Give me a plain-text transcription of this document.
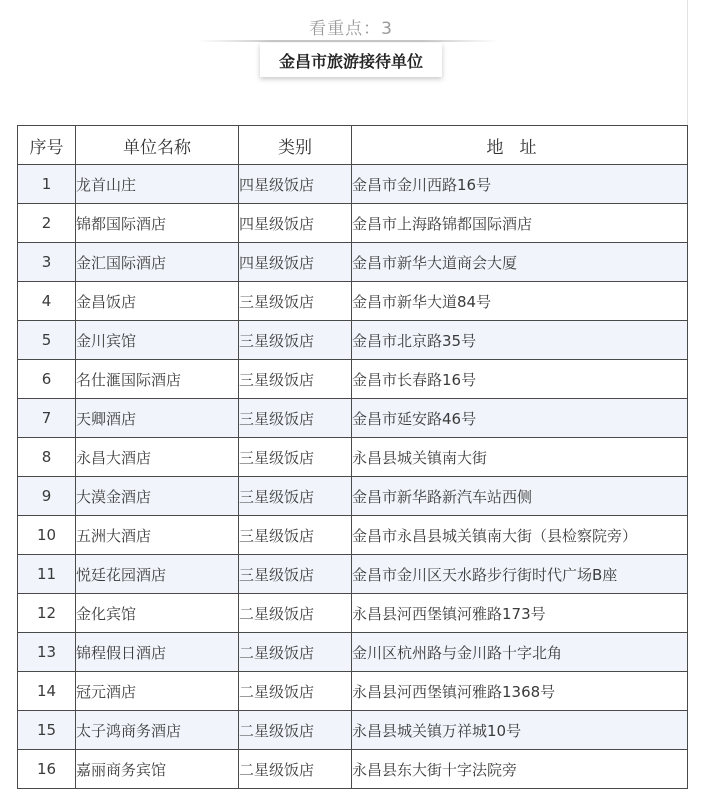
看重点：3
金昌市旅游接待单位
序号	单位名称	类别	地址
1	龙首山庄	四星级饭店	金昌市金川西路16号
2	锦都国际酒店	四星级饭店	金昌市上海路锦都国际酒店
3	金汇国际酒店	四星级饭店	金昌市新华大道商会大厦
4	金昌饭店	三星级饭店	金昌市新华大道84号
5	金川宾馆	三星级饭店	金昌市北京路35号
6	名仕滙国际酒店	三星级饭店	金昌市长春路16号
7	天卿酒店	三星级饭店	金昌市延安路46号
8	永昌大酒店	三星级饭店	永昌县城关镇南大街
9	大漠金酒店	三星级饭店	金昌市新华路新汽车站西侧
10	五洲大酒店	三星级饭店	金昌市永昌县城关镇南大街（县检察院旁）
11	悦廷花园酒店	三星级饭店	金昌市金川区天水路步行街时代广场B座
12	金化宾馆	二星级饭店	永昌县河西堡镇河雅路173号
13	锦程假日酒店	二星级饭店	金川区杭州路与金川路十字北角
14	冠元酒店	二星级饭店	永昌县河西堡镇河雅路1368号
15	太子鸿商务酒店	二星级饭店	永昌县城关镇万祥城10号
16	嘉丽商务宾馆	二星级饭店	永昌县东大街十字法院旁
